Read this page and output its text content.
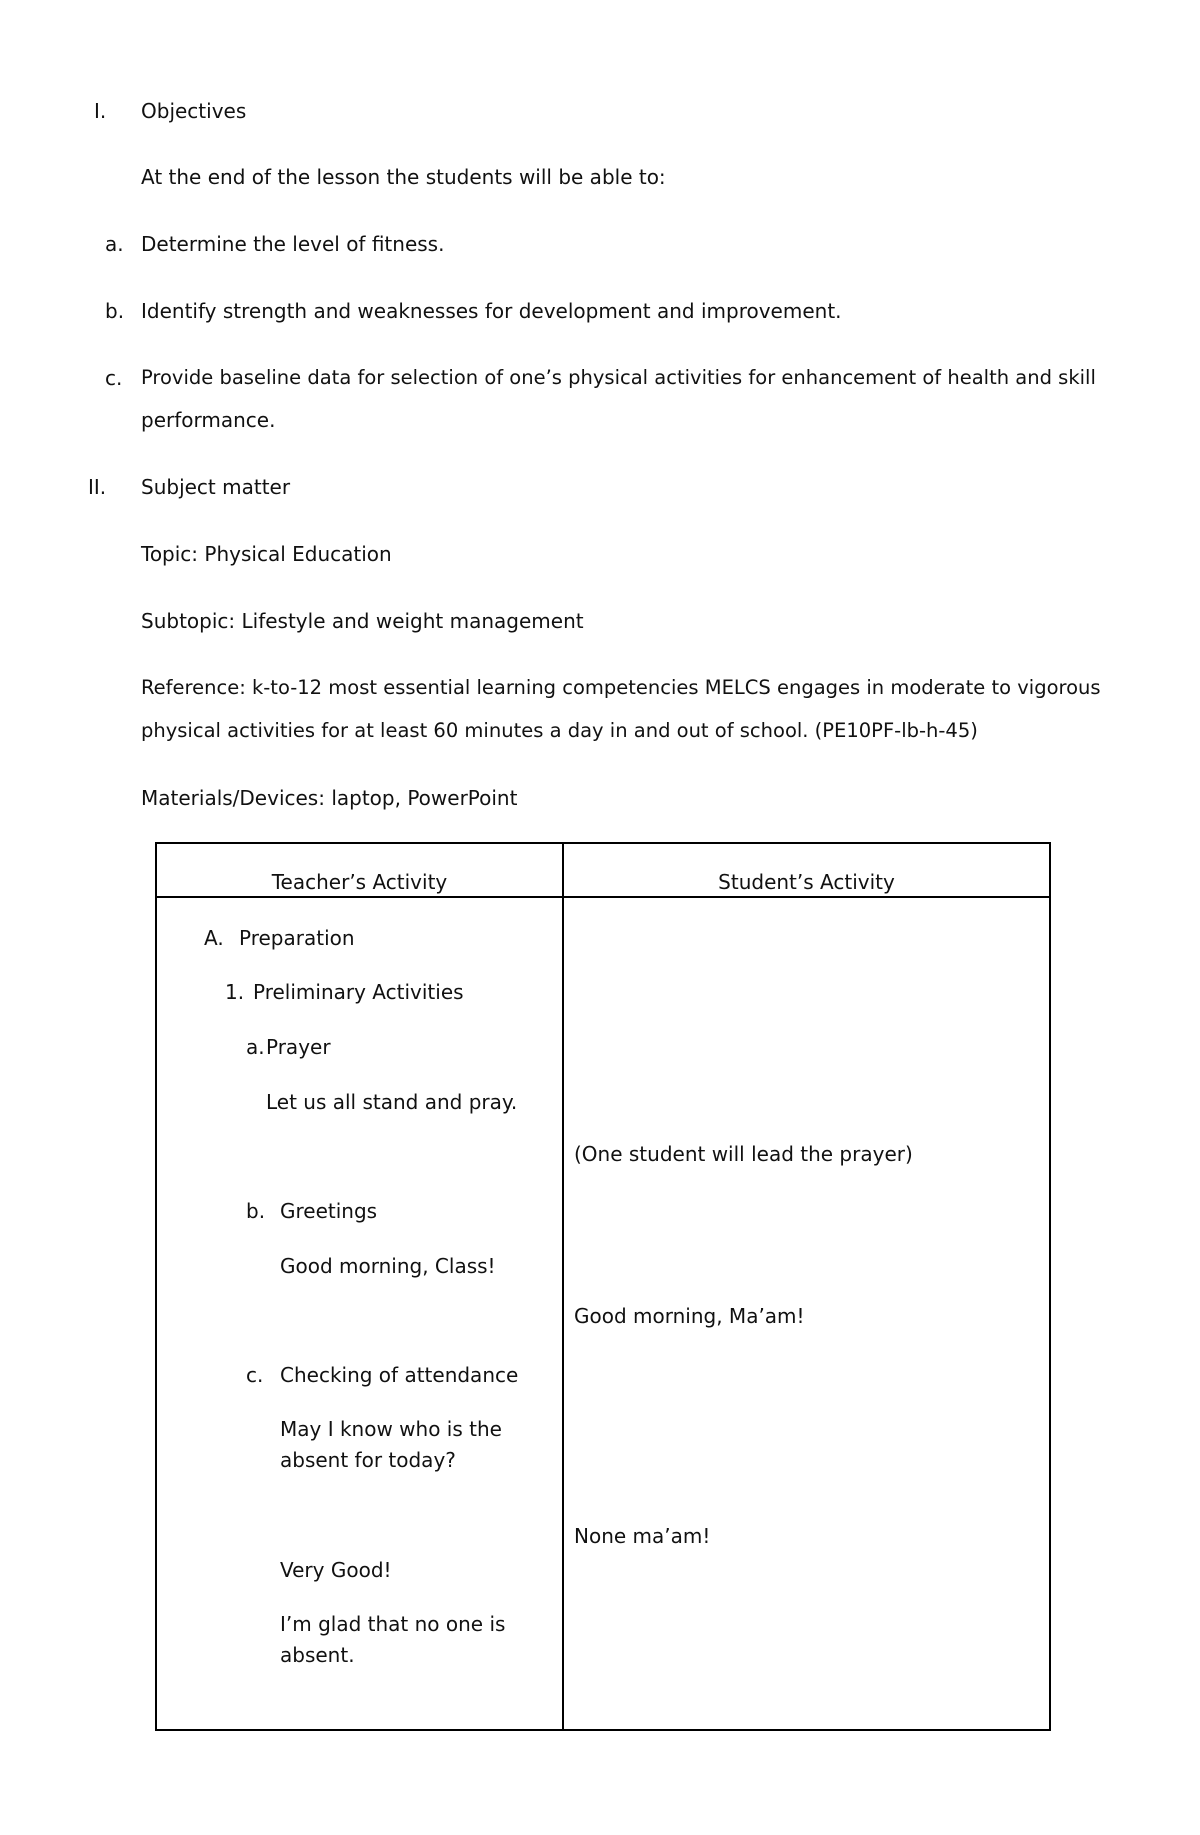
I. Objectives
At the end of the lesson the students will be able to:
a. Determine the level of fitness.
b. Identify strength and weaknesses for development and improvement.
c. Provide baseline data for selection of one’s physical activities for enhancement of health and skill
performance.
II. Subject matter
Topic: Physical Education
Subtopic: Lifestyle and weight management
Reference: k-to-12 most essential learning competencies MELCS engages in moderate to vigorous
physical activities for at least 60 minutes a day in and out of school. (PE10PF-lb-h-45)
Materials/Devices: laptop, PowerPoint
Teacher’s Activity	Student’s Activity
A. Preparation
1. Preliminary Activities
a. Prayer
Let us all stand and pray.
b. Greetings
Good morning, Class!
c. Checking of attendance
May I know who is the
absent for today?
Very Good!
I’m glad that no one is
absent.
(One student will lead the prayer)
Good morning, Ma’am!
None ma’am!
